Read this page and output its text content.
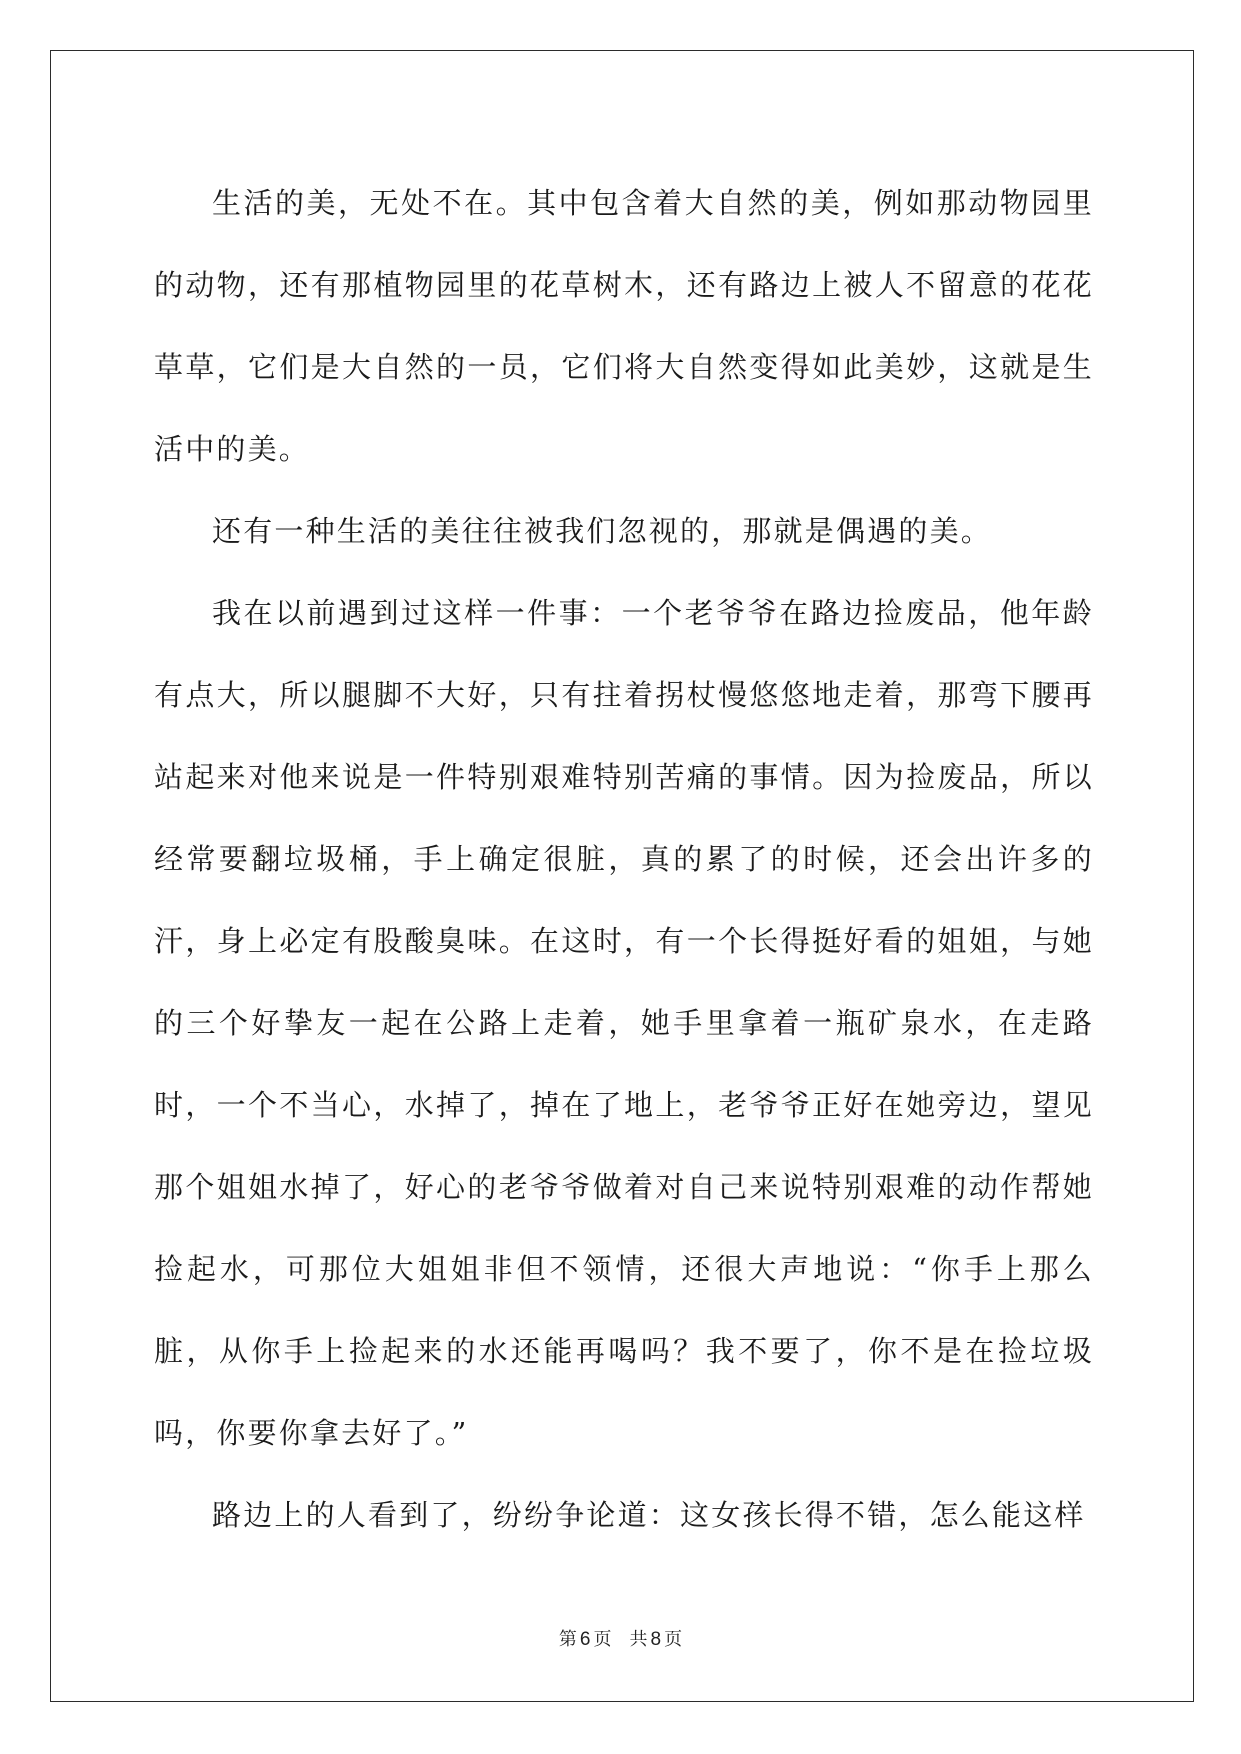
生活的美，无处不在。其中包含着大自然的美，例如那动物园里的动物，还有那植物园里的花草树木，还有路边上被人不留意的花花草草，它们是大自然的一员，它们将大自然变得如此美妙，这就是生活中的美。

还有一种生活的美往往被我们忽视的，那就是偶遇的美。

我在以前遇到过这样一件事：一个老爷爷在路边捡废品，他年龄有点大，所以腿脚不大好，只有拄着拐杖慢悠悠地走着，那弯下腰再站起来对他来说是一件特别艰难特别苦痛的事情。因为捡废品，所以经常要翻垃圾桶，手上确定很脏，真的累了的时候，还会出许多的汗，身上必定有股酸臭味。在这时，有一个长得挺好看的姐姐，与她的三个好挚友一起在公路上走着，她手里拿着一瓶矿泉水，在走路时，一个不当心，水掉了，掉在了地上，老爷爷正好在她旁边，望见那个姐姐水掉了，好心的老爷爷做着对自己来说特别艰难的动作帮她捡起水，可那位大姐姐非但不领情，还很大声地说：“你手上那么脏，从你手上捡起来的水还能再喝吗？我不要了，你不是在捡垃圾吗，你要你拿去好了。”

路边上的人看到了，纷纷争论道：这女孩长得不错，怎么能这样

第 6 页 共 8 页
